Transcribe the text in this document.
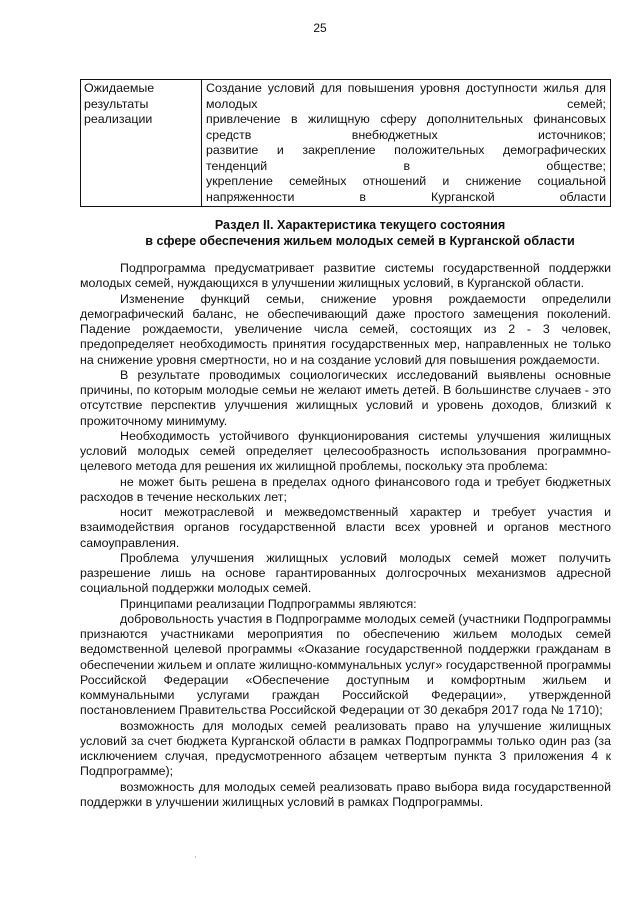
25
Ожидаемые результаты реализации	
Создание условий для повышения уровня доступности жилья для молодых семей;
привлечение в жилищную сферу дополнительных финансовых средств внебюджетных источников;
развитие и закрепление положительных демографических тенденций в обществе;
укрепление семейных отношений и снижение социальной напряженности в Курганской области
Раздел II. Характеристика текущего состояния
в сфере обеспечения жильем молодых семей в Курганской области

Подпрограмма предусматривает развитие системы государственной поддержки молодых семей, нуждающихся в улучшении жилищных условий, в Курганской области.

Изменение функций семьи, снижение уровня рождаемости определили демографический баланс, не обеспечивающий даже простого замещения поколений. Падение рождаемости, увеличение числа семей, состоящих из 2 - 3 человек, предопределяет необходимость принятия государственных мер, направленных не только на снижение уровня смертности, но и на создание условий для повышения рождаемости.

В результате проводимых социологических исследований выявлены основные причины, по которым молодые семьи не желают иметь детей. В большинстве случаев - это отсутствие перспектив улучшения жилищных условий и уровень доходов, близкий к прожиточному минимуму.

Необходимость устойчивого функционирования системы улучшения жилищных условий молодых семей определяет целесообразность использования программно-целевого метода для решения их жилищной проблемы, поскольку эта проблема:

не может быть решена в пределах одного финансового года и требует бюджетных расходов в течение нескольких лет;

носит межотраслевой и межведомственный характер и требует участия и взаимодействия органов государственной власти всех уровней и органов местного самоуправления.

Проблема улучшения жилищных условий молодых семей может получить разрешение лишь на основе гарантированных долгосрочных механизмов адресной социальной поддержки молодых семей.

Принципами реализации Подпрограммы являются:

добровольность участия в Подпрограмме молодых семей (участники Подпрограммы признаются участниками мероприятия по обеспечению жильем молодых семей ведомственной целевой программы «Оказание государственной поддержки гражданам в обеспечении жильем и оплате жилищно-коммунальных услуг» государственной программы Российской Федерации «Обеспечение доступным и комфортным жильем и коммунальными услугами граждан Российской Федерации», утвержденной постановлением Правительства Российской Федерации от 30 декабря 2017 года № 1710);

возможность для молодых семей реализовать право на улучшение жилищных условий за счет бюджета Курганской области в рамках Подпрограммы только один раз (за исключением случая, предусмотренного абзацем четвертым пункта 3 приложения 4 к Подпрограмме);

возможность для молодых семей реализовать право выбора вида государственной поддержки в улучшении жилищных условий в рамках Подпрограммы.
